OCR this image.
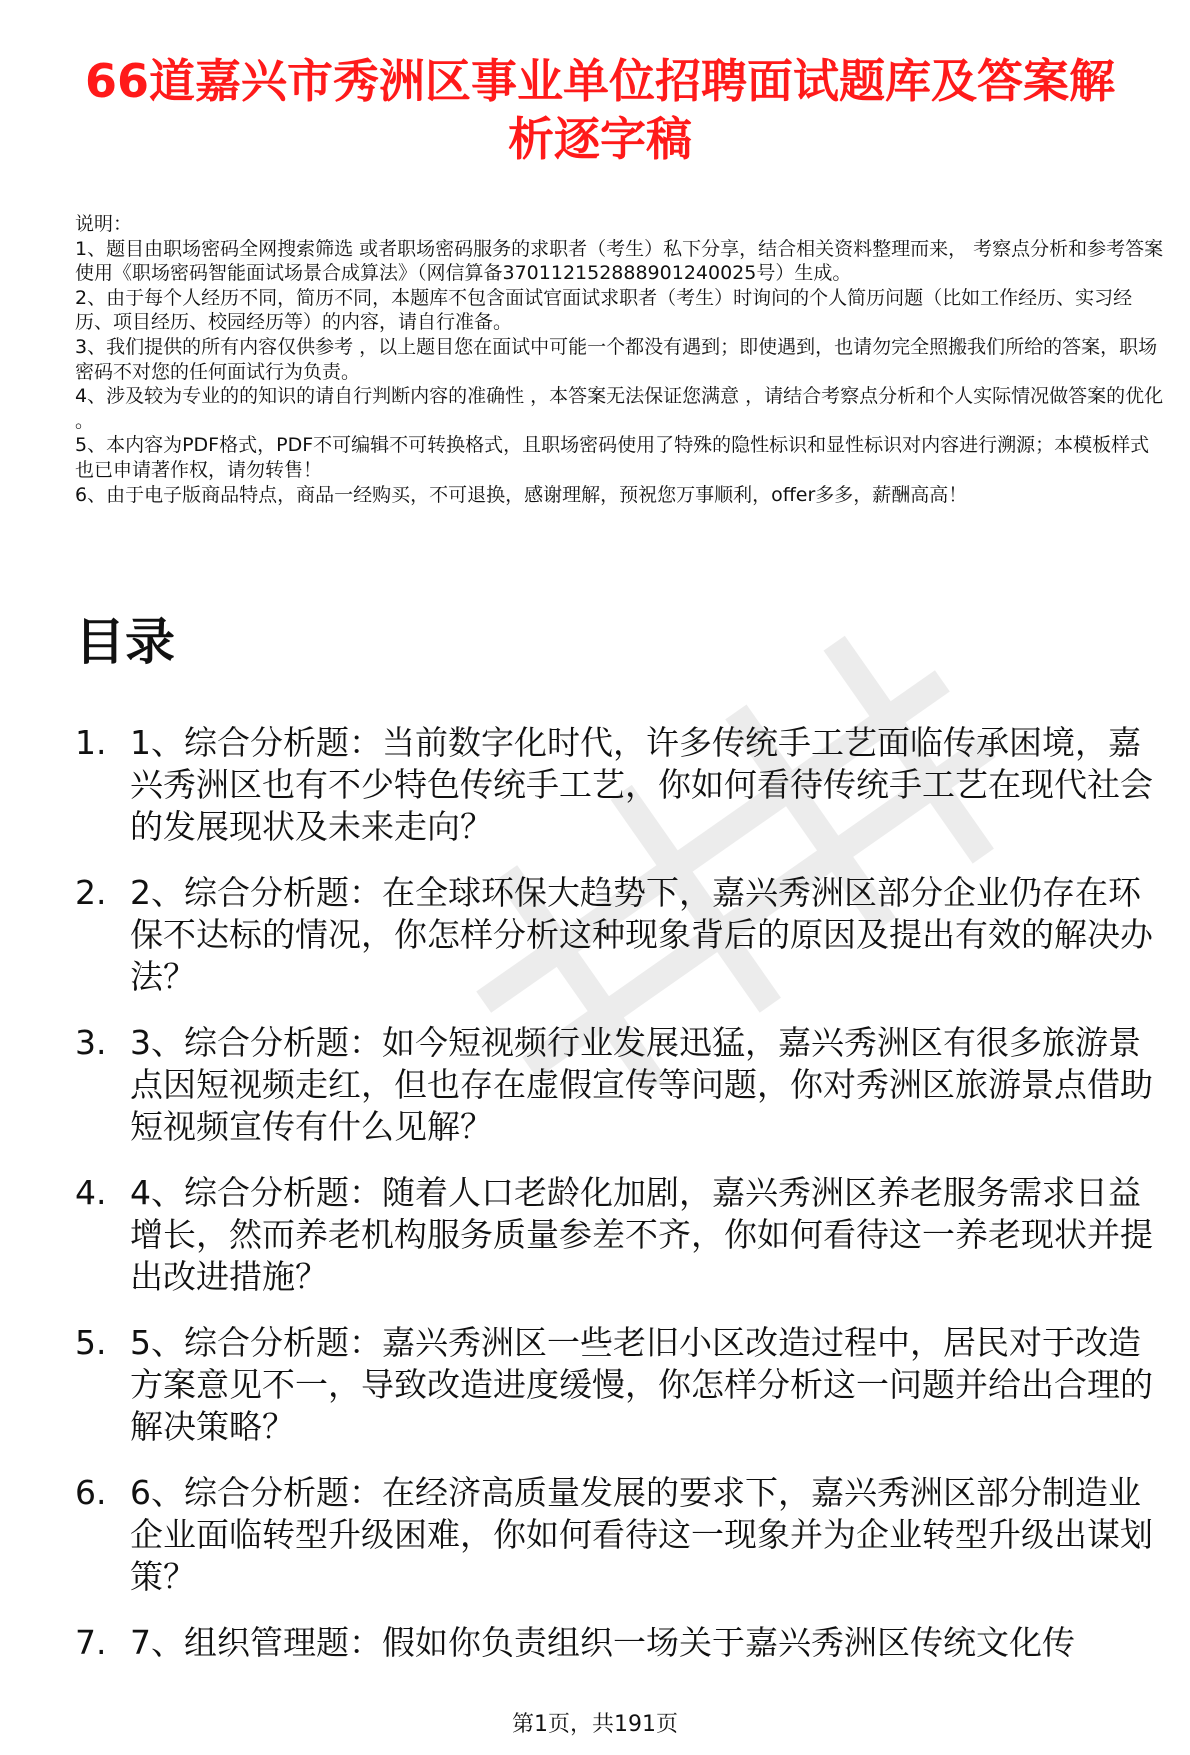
66道嘉兴市秀洲区事业单位招聘面试题库及答案解析逐字稿

说明：

1、题目由职场密码全网搜索筛选 或者职场密码服务的求职者（考生）私下分享，结合相关资料整理而来， 考察点分析和参考答案使用《职场密码智能面试场景合成算法》（网信算备370112152888901240025号）生成。

2、由于每个人经历不同，简历不同，本题库不包含面试官面试求职者（考生）时询问的个人简历问题（比如工作经历、实习经历、项目经历、校园经历等）的内容，请自行准备。

3、我们提供的所有内容仅供参考 ，以上题目您在面试中可能一个都没有遇到；即使遇到，也请勿完全照搬我们所给的答案，职场密码不对您的任何面试行为负责。

4、涉及较为专业的的知识的请自行判断内容的准确性 ，本答案无法保证您满意 ，请结合考察点分析和个人实际情况做答案的优化 。

5、本内容为PDF格式，PDF不可编辑不可转换格式，且职场密码使用了特殊的隐性标识和显性标识对内容进行溯源；本模板样式也已申请著作权，请勿转售！

6、由于电子版商品特点，商品一经购买，不可退换，感谢理解，预祝您万事顺利，offer多多，薪酬高高！

目录
1. 1、综合分析题：当前数字化时代，许多传统手工艺面临传承困境，嘉兴秀洲区也有不少特色传统手工艺，你如何看待传统手工艺在现代社会的发展现状及未来走向？
2. 2、综合分析题：在全球环保大趋势下，嘉兴秀洲区部分企业仍存在环保不达标的情况，你怎样分析这种现象背后的原因及提出有效的解决办法？
3. 3、综合分析题：如今短视频行业发展迅猛，嘉兴秀洲区有很多旅游景点因短视频走红，但也存在虚假宣传等问题，你对秀洲区旅游景点借助短视频宣传有什么见解？
4. 4、综合分析题：随着人口老龄化加剧，嘉兴秀洲区养老服务需求日益增长，然而养老机构服务质量参差不齐，你如何看待这一养老现状并提出改进措施？
5. 5、综合分析题：嘉兴秀洲区一些老旧小区改造过程中，居民对于改造方案意见不一，导致改造进度缓慢，你怎样分析这一问题并给出合理的解决策略？
6. 6、综合分析题：在经济高质量发展的要求下，嘉兴秀洲区部分制造业企业面临转型升级困难，你如何看待这一现象并为企业转型升级出谋划策？
7. 7、组织管理题：假如你负责组织一场关于嘉兴秀洲区传统文化传
第1页，共191页
